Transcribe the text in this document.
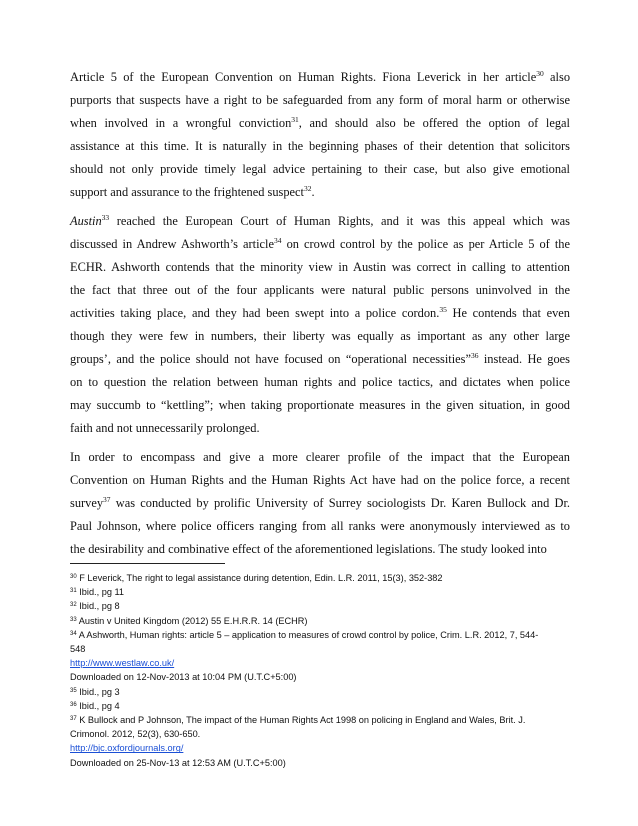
Article 5 of the European Convention on Human Rights. Fiona Leverick in her article$^{30}$ also
purports that suspects have a right to be safeguarded from any form of moral harm or otherwise
when involved in a wrongful conviction$^{31}$, and should also be offered the option of legal
assistance at this time. It is naturally in the beginning phases of their detention that solicitors
should not only provide timely legal advice pertaining to their case, but also give emotional
support and assurance to the frightened suspect$^{32}$.

Austin$^{33}$ reached the European Court of Human Rights, and it was this appeal which was
discussed in Andrew Ashworth’s article$^{34}$ on crowd control by the police as per Article 5 of the
ECHR. Ashworth contends that the minority view in Austin was correct in calling to attention
the fact that three out of the four applicants were natural public persons uninvolved in the
activities taking place, and they had been swept into a police cordon.$^{35}$ He contends that even
though they were few in numbers, their liberty was equally as important as any other large
groups’, and the police should not have focused on “operational necessities”$^{36}$ instead. He goes
on to question the relation between human rights and police tactics, and dictates when police
may succumb to “kettling”; when taking proportionate measures in the given situation, in good
faith and not unnecessarily prolonged.

In order to encompass and give a more clearer profile of the impact that the European
Convention on Human Rights and the Human Rights Act have had on the police force, a recent
survey$^{37}$ was conducted by prolific University of Surrey sociologists Dr. Karen Bullock and Dr.
Paul Johnson, where police officers ranging from all ranks were anonymously interviewed as to
the desirability and combinative effect of the aforementioned legislations. The study looked into

$^{30}$ F Leverick, The right to legal assistance during detention, Edin. L.R. 2011, 15(3), 352-382
$^{31}$ Ibid., pg 11
$^{32}$ Ibid., pg 8
$^{33}$ Austin v United Kingdom (2012) 55 E.H.R.R. 14 (ECHR)
$^{34}$ A Ashworth, Human rights: article 5 – application to measures of crowd control by police, Crim. L.R. 2012, 7, 544-
548
http://www.westlaw.co.uk/
Downloaded on 12-Nov-2013 at 10:04 PM (U.T.C+5:00)
$^{35}$ Ibid., pg 3
$^{36}$ Ibid., pg 4
$^{37}$ K Bullock and P Johnson, The impact of the Human Rights Act 1998 on policing in England and Wales, Brit. J.
Crimonol. 2012, 52(3), 630-650.
http://bjc.oxfordjournals.org/
Downloaded on 25-Nov-13 at 12:53 AM (U.T.C+5:00)
